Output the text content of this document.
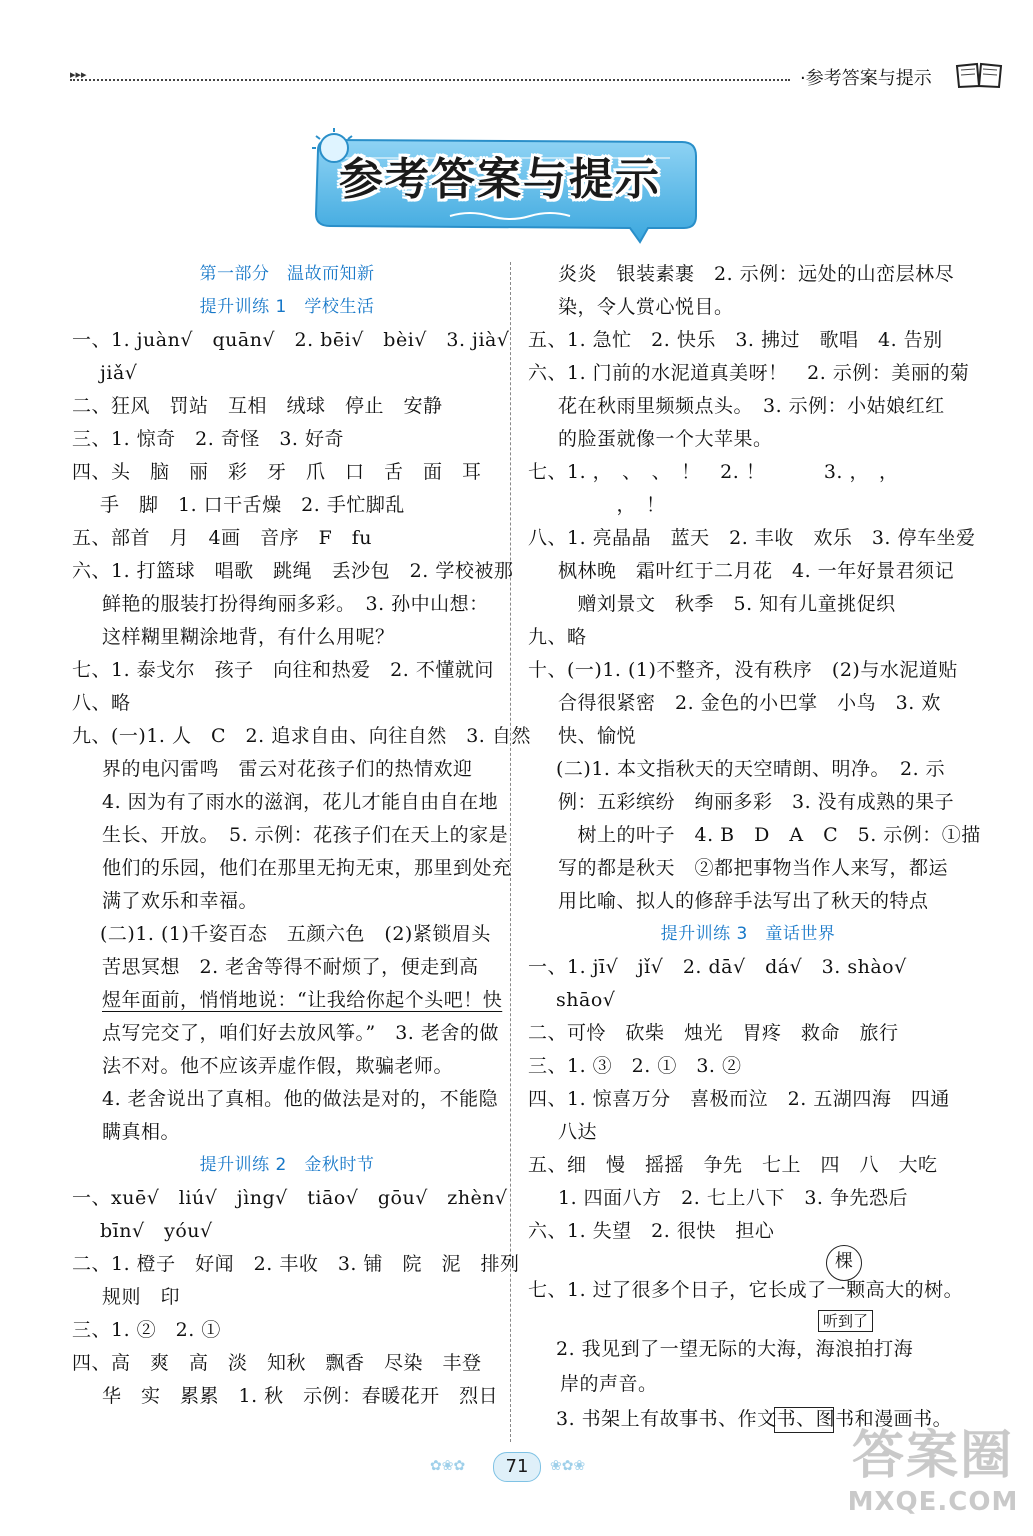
▸▸▸	·参考答案与提示
参考答案与提示
第一部分　温故而知新
提升训练 1　学校生活
一、1. juàn√　quān√　2. bēi√　bèi√　3. jià√
jiǎ√
二、狂风　罚站　互相　绒球　停止　安静
三、1. 惊奇　2. 奇怪　3. 好奇
四、头　脑　丽　彩　牙　爪　口　舌　面　耳
手　脚　1. 口干舌燥　2. 手忙脚乱
五、部首　月　4画　音序　F　fu
六、1. 打篮球　唱歌　跳绳　丢沙包　2. 学校被那
鲜艳的服装打扮得绚丽多彩。　3. 孙中山想：
这样糊里糊涂地背，有什么用呢？
七、1. 泰戈尔　孩子　向往和热爱　2. 不懂就问
八、略
九、(一)1. 人　C　2. 追求自由、向往自然　3. 自然
界的电闪雷鸣　雷云对花孩子们的热情欢迎
4. 因为有了雨水的滋润，花儿才能自由自在地
生长、开放。　5. 示例：花孩子们在天上的家是
他们的乐园，他们在那里无拘无束，那里到处充
满了欢乐和幸福。
(二)1. (1)千姿百态　五颜六色　(2)紧锁眉头
苦思冥想　2. 老舍等得不耐烦了，便走到高
煜年面前，悄悄地说：“让我给你起个头吧！快
点写完交了，咱们好去放风筝。”　3. 老舍的做
法不对。他不应该弄虚作假，欺骗老师。
4. 老舍说出了真相。他的做法是对的，不能隐
瞒真相。
提升训练 2　金秋时节
一、xuē√　liú√　jìng√　tiāo√　gōu√　zhèn√
bīn√　yóu√
二、1. 橙子　好闻　2. 丰收　3. 铺　院　泥　排列
规则　印
三、1. ②　2. ①
四、高　爽　高　淡　知秋　飘香　尽染　丰登
华　实　累累　1. 秋　示例：春暖花开　烈日
炎炎　银装素裹　2. 示例：远处的山峦层林尽
染，令人赏心悦目。
五、1. 急忙　2. 快乐　3. 拂过　歌唱　4. 告别
六、1. 门前的水泥道真美呀！　2. 示例：美丽的菊
花在秋雨里频频点头。　3. 示例：小姑娘红红
的脸蛋就像一个大苹果。
七、1. ，　、　、　！　2. ！　　　3. ，　，
　　　，　！
八、1. 亮晶晶　蓝天　2. 丰收　欢乐　3. 停车坐爱
枫林晚　霜叶红于二月花　4. 一年好景君须记
　赠刘景文　秋季　5. 知有儿童挑促织
九、略
十、(一)1. (1)不整齐，没有秩序　(2)与水泥道贴
合得很紧密　2. 金色的小巴掌　小鸟　3. 欢
快、愉悦
(二)1. 本文指秋天的天空晴朗、明净。　2. 示
例：五彩缤纷　绚丽多彩　3. 没有成熟的果子
　树上的叶子　4. B　D　A　C　5. 示例：①描
写的都是秋天　②都把事物当作人来写，都运
用比喻、拟人的修辞手法写出了秋天的特点
提升训练 3　童话世界
一、1. jī√　jǐ√　2. dā√　dá√　3. shào√
shāo√
二、可怜　砍柴　烛光　胃疼　救命　旅行
三、1. ③　2. ①　3. ②
四、1. 惊喜万分　喜极而泣　2. 五湖四海　四通
八达
五、细　慢　摇摇　争先　七上　四　八　大吃
1. 四面八方　2. 七上八下　3. 争先恐后
六、1. 失望　2. 很快　担心
棵
七、1. 过了很多个日子，它长成了一颗高大的树。
听到了
2. 我见到了一望无际的大海，海浪拍打海
岸的声音。
3. 书架上有故事书、作文书、图书和漫画书。
✿❀✿	71	❀✿❀	答案圈
MXQE.COM
